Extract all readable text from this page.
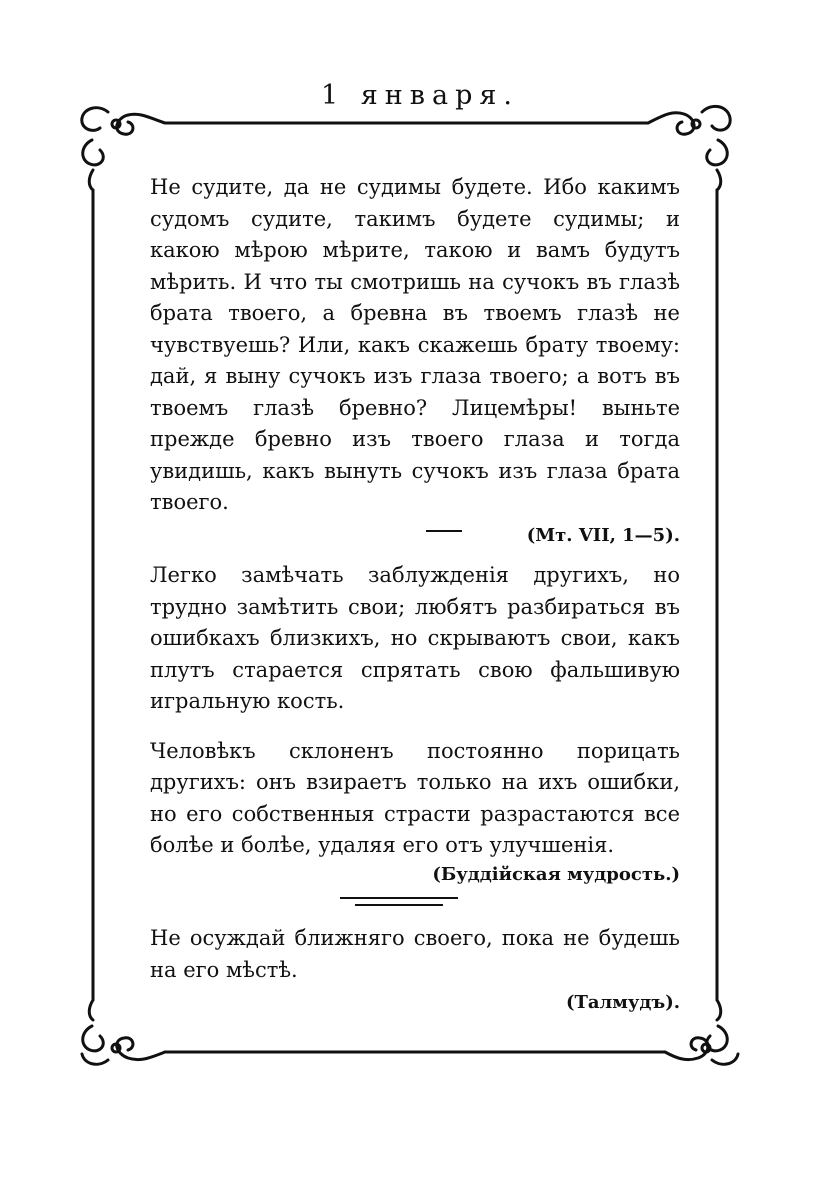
1 января.

Не судите, да не судимы будете. Ибо какимъ судомъ судите, такимъ будете судимы; и какою мѣрою мѣрите, такою и вамъ будутъ мѣрить. И что ты смотришь на сучокъ въ глазѣ брата твоего, а бревна въ твоемъ глазѣ не чувствуешь? Или, какъ скажешь брату твоему: дай, я выну сучокъ изъ глаза твоего; а вотъ въ твоемъ глазѣ бревно? Лицемѣры! выньте прежде бревно изъ твоего глаза и тогда увидишь, какъ вынуть сучокъ изъ глаза брата твоего.

(Мт. VII, 1—5).

Легко замѣчать заблужденія другихъ, но трудно замѣтить свои; любятъ разбираться въ ошибкахъ близкихъ, но скрываютъ свои, какъ плутъ старается спрятать свою фальшивую игральную кость.

Человѣкъ склоненъ постоянно порицать другихъ: онъ взираетъ только на ихъ ошибки, но его собственныя страсти разрастаются все болѣе и болѣе, удаляя его отъ улучшенія.

(Буддійская мудрость.)

Не осуждай ближняго своего, пока не будешь на его мѣстѣ.

(Талмудъ).
